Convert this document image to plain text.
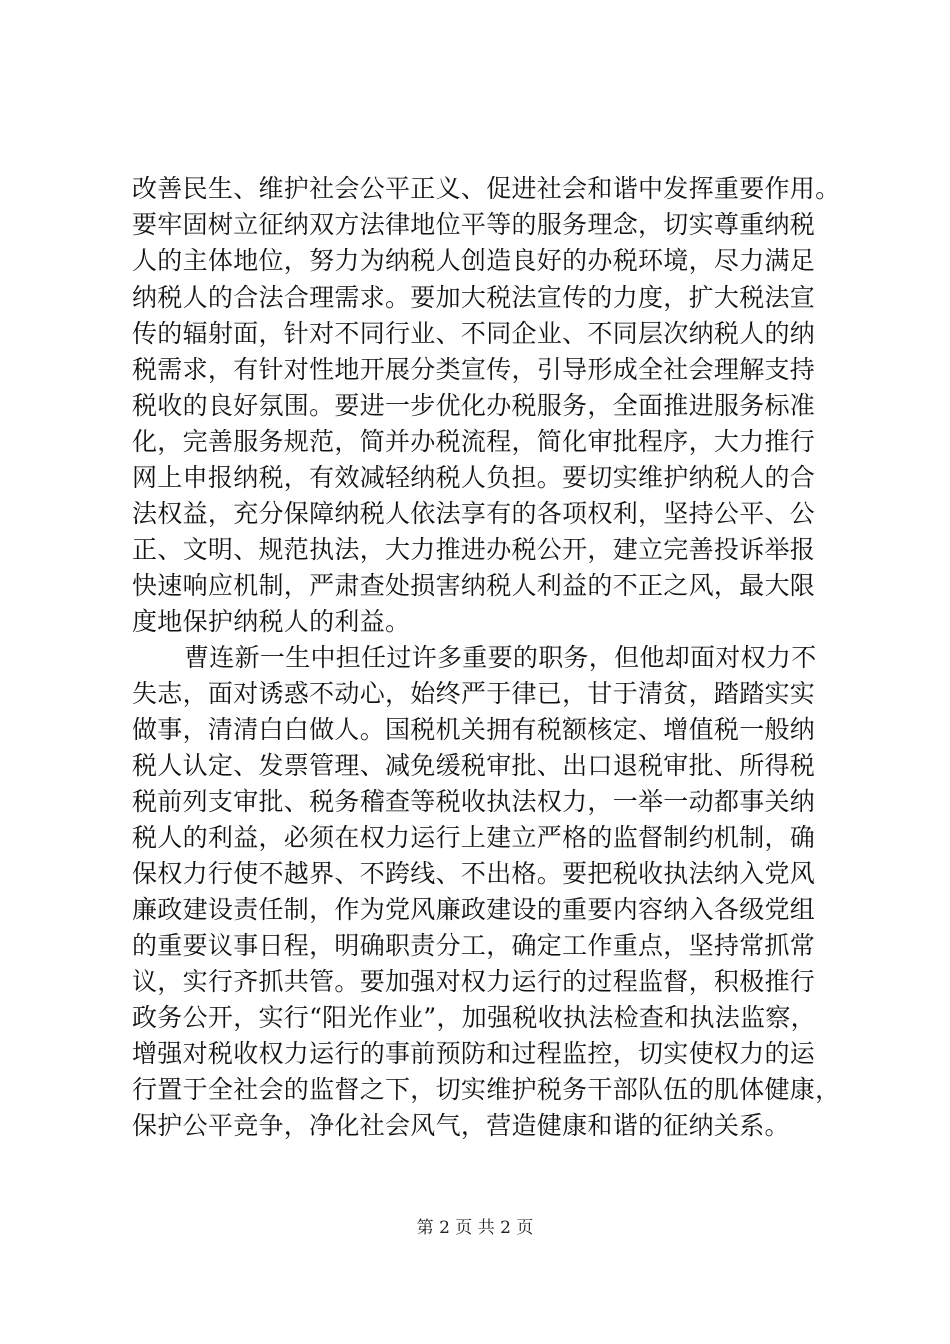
改善民生、维护社会公平正义、促进社会和谐中发挥重要作用。
要牢固树立征纳双方法律地位平等的服务理念，切实尊重纳税
人的主体地位，努力为纳税人创造良好的办税环境，尽力满足
纳税人的合法合理需求。要加大税法宣传的力度，扩大税法宣
传的辐射面，针对不同行业、不同企业、不同层次纳税人的纳
税需求，有针对性地开展分类宣传，引导形成全社会理解支持
税收的良好氛围。要进一步优化办税服务，全面推进服务标准
化，完善服务规范，简并办税流程，简化审批程序，大力推行
网上申报纳税，有效减轻纳税人负担。要切实维护纳税人的合
法权益，充分保障纳税人依法享有的各项权利，坚持公平、公
正、文明、规范执法，大力推进办税公开，建立完善投诉举报
快速响应机制，严肃查处损害纳税人利益的不正之风，最大限
度地保护纳税人的利益。
曹连新一生中担任过许多重要的职务，但他却面对权力不
失志，面对诱惑不动心，始终严于律已，甘于清贫，踏踏实实
做事，清清白白做人。国税机关拥有税额核定、增值税一般纳
税人认定、发票管理、减免缓税审批、出口退税审批、所得税
税前列支审批、税务稽查等税收执法权力，一举一动都事关纳
税人的利益，必须在权力运行上建立严格的监督制约机制，确
保权力行使不越界、不跨线、不出格。要把税收执法纳入党风
廉政建设责任制，作为党风廉政建设的重要内容纳入各级党组
的重要议事日程，明确职责分工，确定工作重点，坚持常抓常
议，实行齐抓共管。要加强对权力运行的过程监督，积极推行
政务公开，实行“阳光作业”，加强税收执法检查和执法监察，
增强对税收权力运行的事前预防和过程监控，切实使权力的运
行置于全社会的监督之下，切实维护税务干部队伍的肌体健康，
保护公平竞争，净化社会风气，营造健康和谐的征纳关系。
第 2 页 共 2 页
